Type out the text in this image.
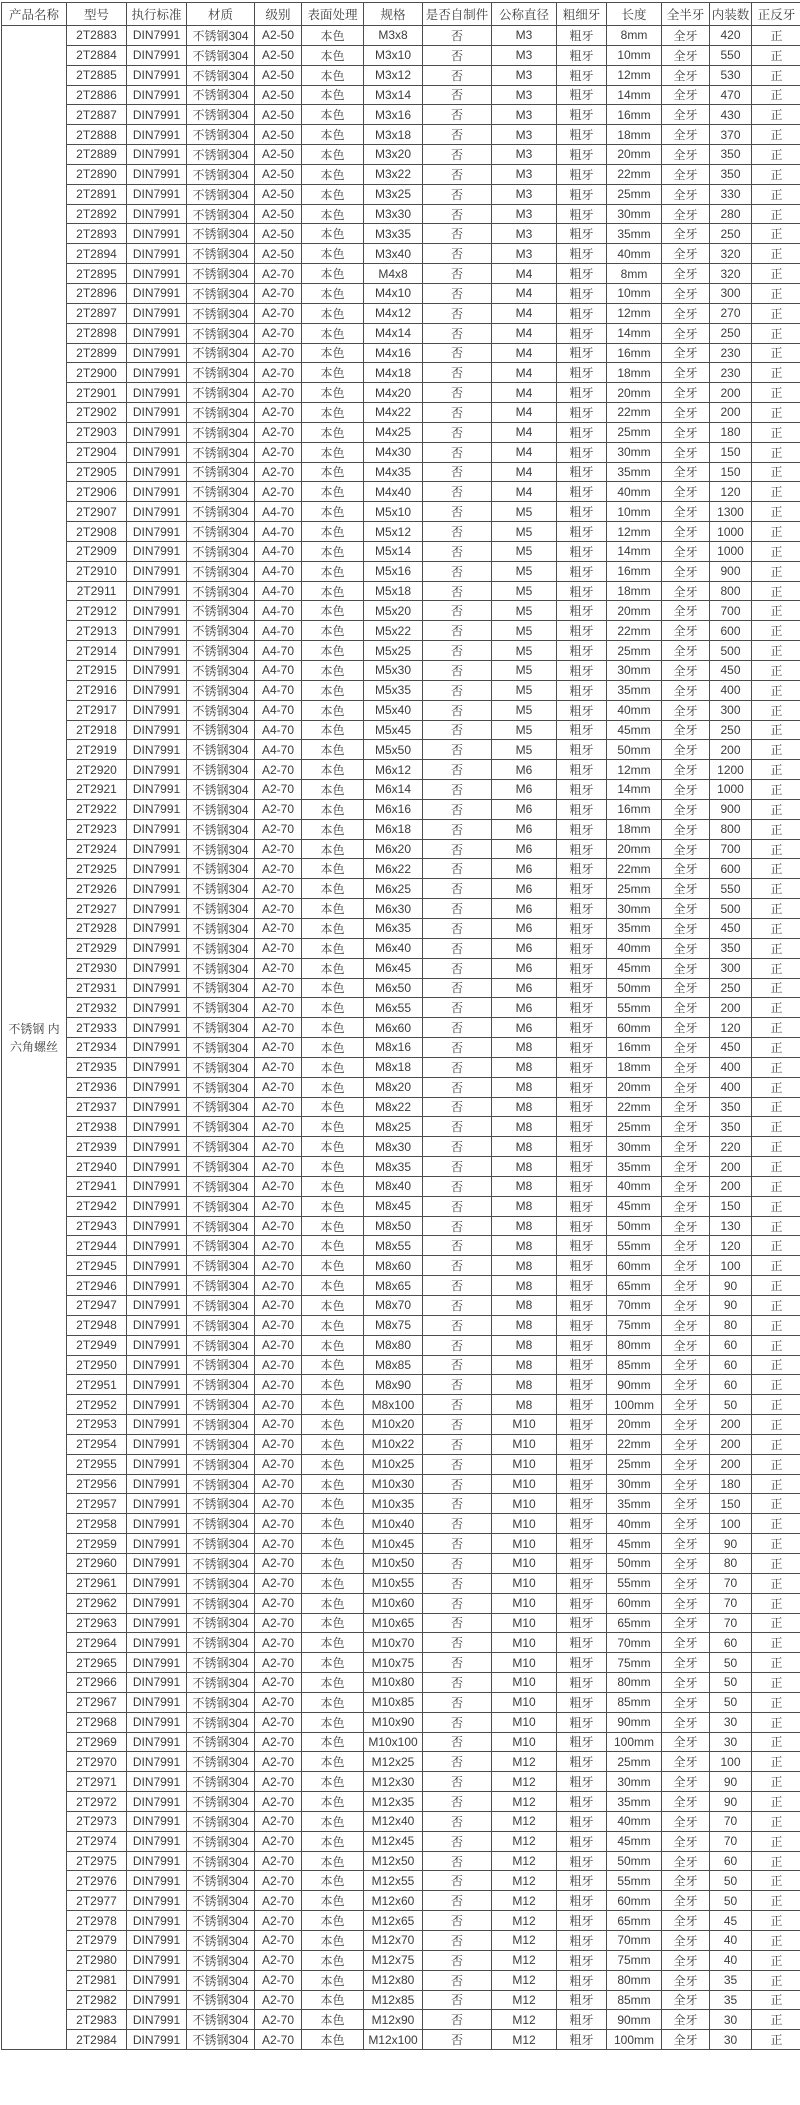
产品名称	型号	执行标准	材质	级别	表面处理	规格	是否自制件	公称直径	粗细牙	长度	全半牙	内装数	正反牙
不锈钢 内六角螺丝	2T2883	DIN7991	不锈钢304	A2-50	本色	M3x8	否	M3	粗牙	8mm	全牙	420	正
	2T2884	DIN7991	不锈钢304	A2-50	本色	M3x10	否	M3	粗牙	10mm	全牙	550	正
	2T2885	DIN7991	不锈钢304	A2-50	本色	M3x12	否	M3	粗牙	12mm	全牙	530	正
	2T2886	DIN7991	不锈钢304	A2-50	本色	M3x14	否	M3	粗牙	14mm	全牙	470	正
	2T2887	DIN7991	不锈钢304	A2-50	本色	M3x16	否	M3	粗牙	16mm	全牙	430	正
	2T2888	DIN7991	不锈钢304	A2-50	本色	M3x18	否	M3	粗牙	18mm	全牙	370	正
	2T2889	DIN7991	不锈钢304	A2-50	本色	M3x20	否	M3	粗牙	20mm	全牙	350	正
	2T2890	DIN7991	不锈钢304	A2-50	本色	M3x22	否	M3	粗牙	22mm	全牙	350	正
	2T2891	DIN7991	不锈钢304	A2-50	本色	M3x25	否	M3	粗牙	25mm	全牙	330	正
	2T2892	DIN7991	不锈钢304	A2-50	本色	M3x30	否	M3	粗牙	30mm	全牙	280	正
	2T2893	DIN7991	不锈钢304	A2-50	本色	M3x35	否	M3	粗牙	35mm	全牙	250	正
	2T2894	DIN7991	不锈钢304	A2-50	本色	M3x40	否	M3	粗牙	40mm	全牙	320	正
	2T2895	DIN7991	不锈钢304	A2-70	本色	M4x8	否	M4	粗牙	8mm	全牙	320	正
	2T2896	DIN7991	不锈钢304	A2-70	本色	M4x10	否	M4	粗牙	10mm	全牙	300	正
	2T2897	DIN7991	不锈钢304	A2-70	本色	M4x12	否	M4	粗牙	12mm	全牙	270	正
	2T2898	DIN7991	不锈钢304	A2-70	本色	M4x14	否	M4	粗牙	14mm	全牙	250	正
	2T2899	DIN7991	不锈钢304	A2-70	本色	M4x16	否	M4	粗牙	16mm	全牙	230	正
	2T2900	DIN7991	不锈钢304	A2-70	本色	M4x18	否	M4	粗牙	18mm	全牙	230	正
	2T2901	DIN7991	不锈钢304	A2-70	本色	M4x20	否	M4	粗牙	20mm	全牙	200	正
	2T2902	DIN7991	不锈钢304	A2-70	本色	M4x22	否	M4	粗牙	22mm	全牙	200	正
	2T2903	DIN7991	不锈钢304	A2-70	本色	M4x25	否	M4	粗牙	25mm	全牙	180	正
	2T2904	DIN7991	不锈钢304	A2-70	本色	M4x30	否	M4	粗牙	30mm	全牙	150	正
	2T2905	DIN7991	不锈钢304	A2-70	本色	M4x35	否	M4	粗牙	35mm	全牙	150	正
	2T2906	DIN7991	不锈钢304	A2-70	本色	M4x40	否	M4	粗牙	40mm	全牙	120	正
	2T2907	DIN7991	不锈钢304	A4-70	本色	M5x10	否	M5	粗牙	10mm	全牙	1300	正
	2T2908	DIN7991	不锈钢304	A4-70	本色	M5x12	否	M5	粗牙	12mm	全牙	1000	正
	2T2909	DIN7991	不锈钢304	A4-70	本色	M5x14	否	M5	粗牙	14mm	全牙	1000	正
	2T2910	DIN7991	不锈钢304	A4-70	本色	M5x16	否	M5	粗牙	16mm	全牙	900	正
	2T2911	DIN7991	不锈钢304	A4-70	本色	M5x18	否	M5	粗牙	18mm	全牙	800	正
	2T2912	DIN7991	不锈钢304	A4-70	本色	M5x20	否	M5	粗牙	20mm	全牙	700	正
	2T2913	DIN7991	不锈钢304	A4-70	本色	M5x22	否	M5	粗牙	22mm	全牙	600	正
	2T2914	DIN7991	不锈钢304	A4-70	本色	M5x25	否	M5	粗牙	25mm	全牙	500	正
	2T2915	DIN7991	不锈钢304	A4-70	本色	M5x30	否	M5	粗牙	30mm	全牙	450	正
	2T2916	DIN7991	不锈钢304	A4-70	本色	M5x35	否	M5	粗牙	35mm	全牙	400	正
	2T2917	DIN7991	不锈钢304	A4-70	本色	M5x40	否	M5	粗牙	40mm	全牙	300	正
	2T2918	DIN7991	不锈钢304	A4-70	本色	M5x45	否	M5	粗牙	45mm	全牙	250	正
	2T2919	DIN7991	不锈钢304	A4-70	本色	M5x50	否	M5	粗牙	50mm	全牙	200	正
	2T2920	DIN7991	不锈钢304	A2-70	本色	M6x12	否	M6	粗牙	12mm	全牙	1200	正
	2T2921	DIN7991	不锈钢304	A2-70	本色	M6x14	否	M6	粗牙	14mm	全牙	1000	正
	2T2922	DIN7991	不锈钢304	A2-70	本色	M6x16	否	M6	粗牙	16mm	全牙	900	正
	2T2923	DIN7991	不锈钢304	A2-70	本色	M6x18	否	M6	粗牙	18mm	全牙	800	正
	2T2924	DIN7991	不锈钢304	A2-70	本色	M6x20	否	M6	粗牙	20mm	全牙	700	正
	2T2925	DIN7991	不锈钢304	A2-70	本色	M6x22	否	M6	粗牙	22mm	全牙	600	正
	2T2926	DIN7991	不锈钢304	A2-70	本色	M6x25	否	M6	粗牙	25mm	全牙	550	正
	2T2927	DIN7991	不锈钢304	A2-70	本色	M6x30	否	M6	粗牙	30mm	全牙	500	正
	2T2928	DIN7991	不锈钢304	A2-70	本色	M6x35	否	M6	粗牙	35mm	全牙	450	正
	2T2929	DIN7991	不锈钢304	A2-70	本色	M6x40	否	M6	粗牙	40mm	全牙	350	正
	2T2930	DIN7991	不锈钢304	A2-70	本色	M6x45	否	M6	粗牙	45mm	全牙	300	正
	2T2931	DIN7991	不锈钢304	A2-70	本色	M6x50	否	M6	粗牙	50mm	全牙	250	正
	2T2932	DIN7991	不锈钢304	A2-70	本色	M6x55	否	M6	粗牙	55mm	全牙	200	正
	2T2933	DIN7991	不锈钢304	A2-70	本色	M6x60	否	M6	粗牙	60mm	全牙	120	正
	2T2934	DIN7991	不锈钢304	A2-70	本色	M8x16	否	M8	粗牙	16mm	全牙	450	正
	2T2935	DIN7991	不锈钢304	A2-70	本色	M8x18	否	M8	粗牙	18mm	全牙	400	正
	2T2936	DIN7991	不锈钢304	A2-70	本色	M8x20	否	M8	粗牙	20mm	全牙	400	正
	2T2937	DIN7991	不锈钢304	A2-70	本色	M8x22	否	M8	粗牙	22mm	全牙	350	正
	2T2938	DIN7991	不锈钢304	A2-70	本色	M8x25	否	M8	粗牙	25mm	全牙	350	正
	2T2939	DIN7991	不锈钢304	A2-70	本色	M8x30	否	M8	粗牙	30mm	全牙	220	正
	2T2940	DIN7991	不锈钢304	A2-70	本色	M8x35	否	M8	粗牙	35mm	全牙	200	正
	2T2941	DIN7991	不锈钢304	A2-70	本色	M8x40	否	M8	粗牙	40mm	全牙	200	正
	2T2942	DIN7991	不锈钢304	A2-70	本色	M8x45	否	M8	粗牙	45mm	全牙	150	正
	2T2943	DIN7991	不锈钢304	A2-70	本色	M8x50	否	M8	粗牙	50mm	全牙	130	正
	2T2944	DIN7991	不锈钢304	A2-70	本色	M8x55	否	M8	粗牙	55mm	全牙	120	正
	2T2945	DIN7991	不锈钢304	A2-70	本色	M8x60	否	M8	粗牙	60mm	全牙	100	正
	2T2946	DIN7991	不锈钢304	A2-70	本色	M8x65	否	M8	粗牙	65mm	全牙	90	正
	2T2947	DIN7991	不锈钢304	A2-70	本色	M8x70	否	M8	粗牙	70mm	全牙	90	正
	2T2948	DIN7991	不锈钢304	A2-70	本色	M8x75	否	M8	粗牙	75mm	全牙	80	正
	2T2949	DIN7991	不锈钢304	A2-70	本色	M8x80	否	M8	粗牙	80mm	全牙	60	正
	2T2950	DIN7991	不锈钢304	A2-70	本色	M8x85	否	M8	粗牙	85mm	全牙	60	正
	2T2951	DIN7991	不锈钢304	A2-70	本色	M8x90	否	M8	粗牙	90mm	全牙	60	正
	2T2952	DIN7991	不锈钢304	A2-70	本色	M8x100	否	M8	粗牙	100mm	全牙	50	正
	2T2953	DIN7991	不锈钢304	A2-70	本色	M10x20	否	M10	粗牙	20mm	全牙	200	正
	2T2954	DIN7991	不锈钢304	A2-70	本色	M10x22	否	M10	粗牙	22mm	全牙	200	正
	2T2955	DIN7991	不锈钢304	A2-70	本色	M10x25	否	M10	粗牙	25mm	全牙	200	正
	2T2956	DIN7991	不锈钢304	A2-70	本色	M10x30	否	M10	粗牙	30mm	全牙	180	正
	2T2957	DIN7991	不锈钢304	A2-70	本色	M10x35	否	M10	粗牙	35mm	全牙	150	正
	2T2958	DIN7991	不锈钢304	A2-70	本色	M10x40	否	M10	粗牙	40mm	全牙	100	正
	2T2959	DIN7991	不锈钢304	A2-70	本色	M10x45	否	M10	粗牙	45mm	全牙	90	正
	2T2960	DIN7991	不锈钢304	A2-70	本色	M10x50	否	M10	粗牙	50mm	全牙	80	正
	2T2961	DIN7991	不锈钢304	A2-70	本色	M10x55	否	M10	粗牙	55mm	全牙	70	正
	2T2962	DIN7991	不锈钢304	A2-70	本色	M10x60	否	M10	粗牙	60mm	全牙	70	正
	2T2963	DIN7991	不锈钢304	A2-70	本色	M10x65	否	M10	粗牙	65mm	全牙	70	正
	2T2964	DIN7991	不锈钢304	A2-70	本色	M10x70	否	M10	粗牙	70mm	全牙	60	正
	2T2965	DIN7991	不锈钢304	A2-70	本色	M10x75	否	M10	粗牙	75mm	全牙	50	正
	2T2966	DIN7991	不锈钢304	A2-70	本色	M10x80	否	M10	粗牙	80mm	全牙	50	正
	2T2967	DIN7991	不锈钢304	A2-70	本色	M10x85	否	M10	粗牙	85mm	全牙	50	正
	2T2968	DIN7991	不锈钢304	A2-70	本色	M10x90	否	M10	粗牙	90mm	全牙	30	正
	2T2969	DIN7991	不锈钢304	A2-70	本色	M10x100	否	M10	粗牙	100mm	全牙	30	正
	2T2970	DIN7991	不锈钢304	A2-70	本色	M12x25	否	M12	粗牙	25mm	全牙	100	正
	2T2971	DIN7991	不锈钢304	A2-70	本色	M12x30	否	M12	粗牙	30mm	全牙	90	正
	2T2972	DIN7991	不锈钢304	A2-70	本色	M12x35	否	M12	粗牙	35mm	全牙	90	正
	2T2973	DIN7991	不锈钢304	A2-70	本色	M12x40	否	M12	粗牙	40mm	全牙	70	正
	2T2974	DIN7991	不锈钢304	A2-70	本色	M12x45	否	M12	粗牙	45mm	全牙	70	正
	2T2975	DIN7991	不锈钢304	A2-70	本色	M12x50	否	M12	粗牙	50mm	全牙	60	正
	2T2976	DIN7991	不锈钢304	A2-70	本色	M12x55	否	M12	粗牙	55mm	全牙	50	正
	2T2977	DIN7991	不锈钢304	A2-70	本色	M12x60	否	M12	粗牙	60mm	全牙	50	正
	2T2978	DIN7991	不锈钢304	A2-70	本色	M12x65	否	M12	粗牙	65mm	全牙	45	正
	2T2979	DIN7991	不锈钢304	A2-70	本色	M12x70	否	M12	粗牙	70mm	全牙	40	正
	2T2980	DIN7991	不锈钢304	A2-70	本色	M12x75	否	M12	粗牙	75mm	全牙	40	正
	2T2981	DIN7991	不锈钢304	A2-70	本色	M12x80	否	M12	粗牙	80mm	全牙	35	正
	2T2982	DIN7991	不锈钢304	A2-70	本色	M12x85	否	M12	粗牙	85mm	全牙	35	正
	2T2983	DIN7991	不锈钢304	A2-70	本色	M12x90	否	M12	粗牙	90mm	全牙	30	正
	2T2984	DIN7991	不锈钢304	A2-70	本色	M12x100	否	M12	粗牙	100mm	全牙	30	正
